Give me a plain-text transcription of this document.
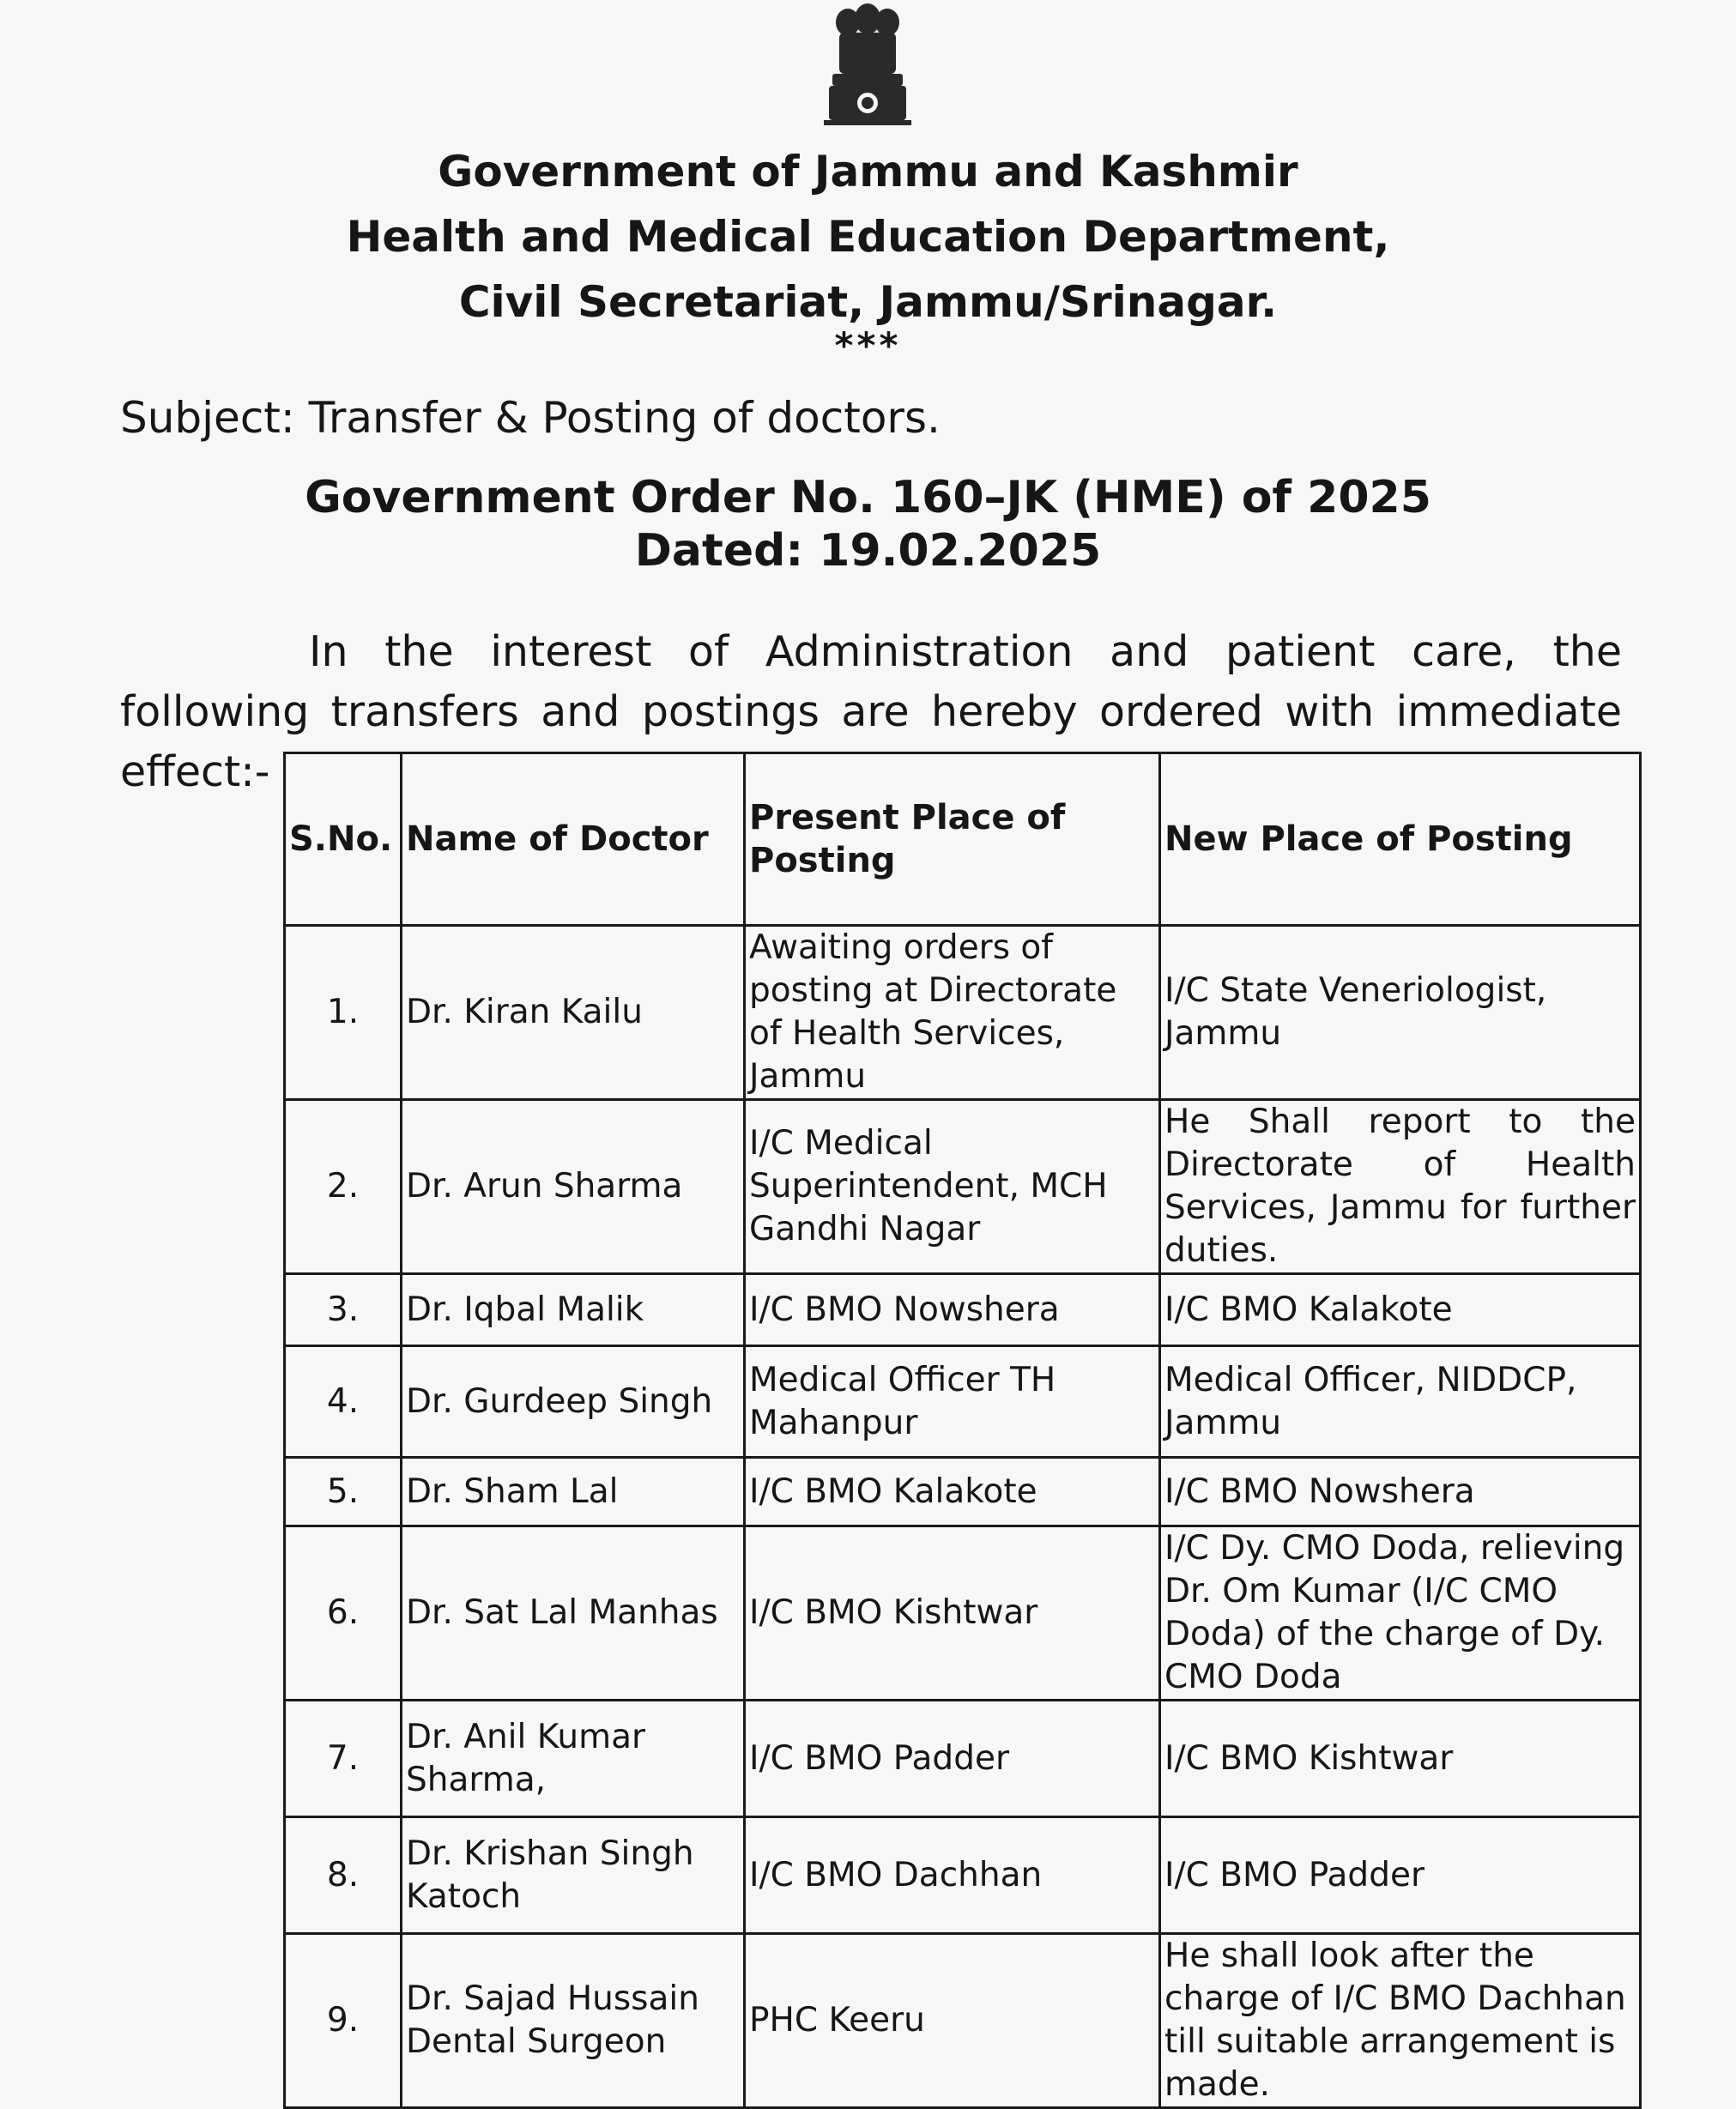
Government of Jammu and Kashmir
Health and Medical Education Department,
Civil Secretariat, Jammu/Srinagar.
***
Subject: Transfer & Posting of doctors.
Government Order No. 160–JK (HME) of 2025
Dated: 19.02.2025
In the interest of Administration and patient care, the following transfers and postings are hereby ordered with immediate effect:-
S.No.	Name of Doctor	Present Place of Posting	New Place of Posting
1.	Dr. Kiran Kailu	Awaiting orders of posting at Directorate of Health Services, Jammu	I/C State Veneriologist, Jammu
2.	Dr. Arun Sharma	I/C Medical Superintendent, MCH Gandhi Nagar	He Shall report to the Directorate of Health Services, Jammu for further duties.
3.	Dr. Iqbal Malik	I/C BMO Nowshera	I/C BMO Kalakote
4.	Dr. Gurdeep Singh	Medical Officer TH Mahanpur	Medical Officer, NIDDCP, Jammu
5.	Dr. Sham Lal	I/C BMO Kalakote	I/C BMO Nowshera
6.	Dr. Sat Lal Manhas	I/C BMO Kishtwar	I/C Dy. CMO Doda, relieving Dr. Om Kumar (I/C CMO Doda) of the charge of Dy. CMO Doda
7.	Dr. Anil Kumar Sharma,	I/C BMO Padder	I/C BMO Kishtwar
8.	Dr. Krishan Singh Katoch	I/C BMO Dachhan	I/C BMO Padder
9.	Dr. Sajad Hussain Dental Surgeon	PHC Keeru	He shall look after the charge of I/C BMO Dachhan till suitable arrangement is made.
